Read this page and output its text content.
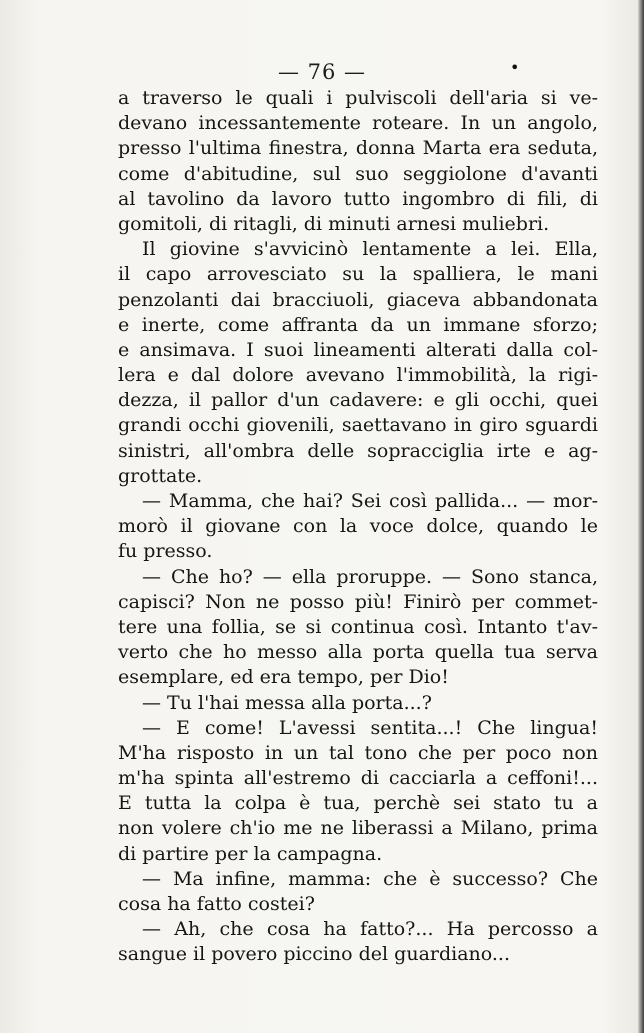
— 76 —	•
a traverso le quali i pulviscoli dell'aria si ve-
devano incessantemente roteare. In un angolo,
presso l'ultima finestra, donna Marta era seduta,
come d'abitudine, sul suo seggiolone d'avanti
al tavolino da lavoro tutto ingombro di fili, di
gomitoli, di ritagli, di minuti arnesi muliebri.
Il giovine s'avvicinò lentamente a lei. Ella,
il capo arrovesciato su la spalliera, le mani
penzolanti dai bracciuoli, giaceva abbandonata
e inerte, come affranta da un immane sforzo;
e ansimava. I suoi lineamenti alterati dalla col-
lera e dal dolore avevano l'immobilità, la rigi-
dezza, il pallor d'un cadavere: e gli occhi, quei
grandi occhi giovenili, saettavano in giro sguardi
sinistri, all'ombra delle sopracciglia irte e ag-
grottate.
— Mamma, che hai? Sei così pallida... — mor-
morò il giovane con la voce dolce, quando le
fu presso.
— Che ho? — ella proruppe. — Sono stanca,
capisci? Non ne posso più! Finirò per commet-
tere una follia, se si continua così. Intanto t'av-
verto che ho messo alla porta quella tua serva
esemplare, ed era tempo, per Dio!
— Tu l'hai messa alla porta...?
— E come! L'avessi sentita...! Che lingua!
M'ha risposto in un tal tono che per poco non
m'ha spinta all'estremo di cacciarla a ceffoni!...
E tutta la colpa è tua, perchè sei stato tu a
non volere ch'io me ne liberassi a Milano, prima
di partire per la campagna.
— Ma infine, mamma: che è successo? Che
cosa ha fatto costei?
— Ah, che cosa ha fatto?... Ha percosso a
sangue il povero piccino del guardiano...
